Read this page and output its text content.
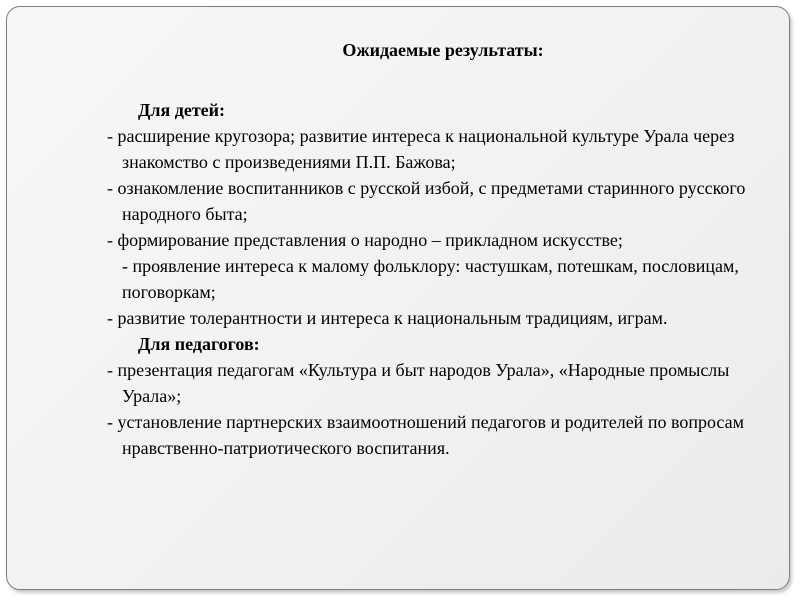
Ожидаемые результаты:

Для детей:

- расширение кругозора; развитие интереса к национальной культуре Урала через знакомство с произведениями П.П. Бажова;

- ознакомление воспитанников с русской избой, с предметами старинного русского народного быта;

- формирование представления о народно – прикладном искусстве;

- проявление интереса к малому фольклору: частушкам, потешкам, пословицам, поговоркам;

- развитие толерантности и интереса к национальным традициям, играм.

Для педагогов:

- презентация педагогам «Культура и быт народов Урала», «Народные промыслы Урала»;

- установление партнерских взаимоотношений педагогов и родителей по вопросам нравственно-патриотического воспитания.
